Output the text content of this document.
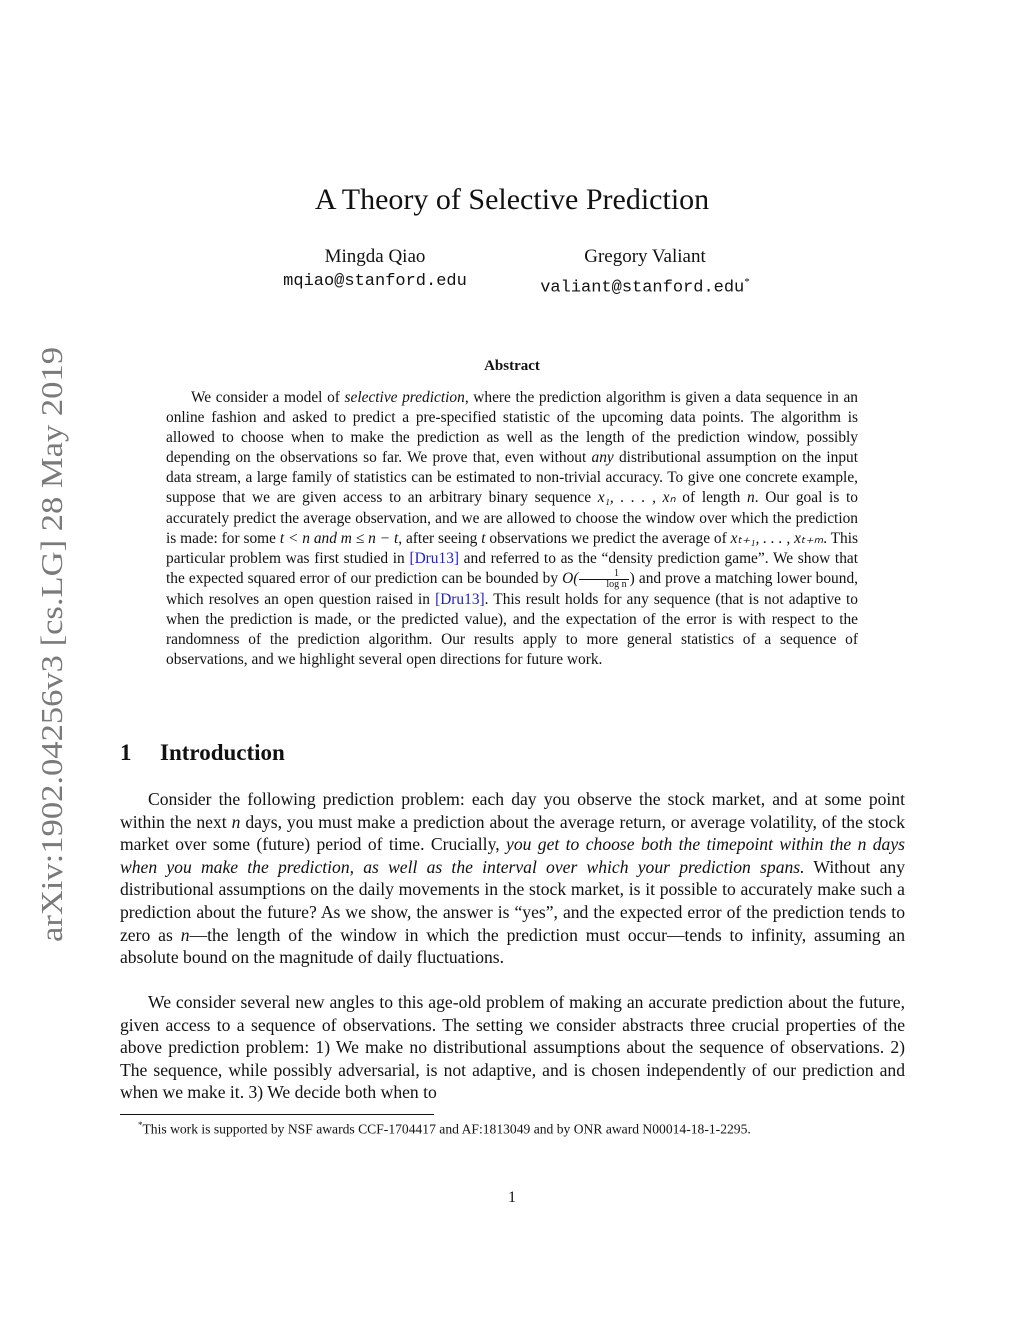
arXiv:1902.04256v3 [cs.LG] 28 May 2019
A Theory of Selective Prediction
Mingda Qiao
mqiao@stanford.edu
Gregory Valiant
valiant@stanford.edu*
Abstract

We consider a model of selective prediction, where the prediction algorithm is given a data sequence in an online fashion and asked to predict a pre-specified statistic of the upcoming data points. The algorithm is allowed to choose when to make the prediction as well as the length of the prediction window, possibly depending on the observations so far. We prove that, even without any distributional assumption on the input data stream, a large family of statistics can be estimated to non-trivial accuracy. To give one concrete example, suppose that we are given access to an arbitrary binary sequence x₁, . . . , xₙ of length n. Our goal is to accurately predict the average observation, and we are allowed to choose the window over which the prediction is made: for some t < n and m ≤ n − t, after seeing t observations we predict the average of xₜ₊₁, . . . , xₜ₊ₘ. This particular problem was first studied in [Dru13] and referred to as the “density prediction game”. We show that the expected squared error of our prediction can be bounded by $O( \frac{1}{\text{log n}}$ ) and prove a matching lower bound, which resolves an open question raised in [Dru13]. This result holds for any sequence (that is not adaptive to when the prediction is made, or the predicted value), and the expectation of the error is with respect to the randomness of the prediction algorithm. Our results apply to more general statistics of a sequence of observations, and we highlight several open directions for future work.

1 Introduction

Consider the following prediction problem: each day you observe the stock market, and at some point within the next n days, you must make a prediction about the average return, or average volatility, of the stock market over some (future) period of time. Crucially, you get to choose both the timepoint within the n days when you make the prediction, as well as the interval over which your prediction spans. Without any distributional assumptions on the daily movements in the stock market, is it possible to accurately make such a prediction about the future? As we show, the answer is “yes”, and the expected error of the prediction tends to zero as n—the length of the window in which the prediction must occur—tends to infinity, assuming an absolute bound on the magnitude of daily fluctuations.

We consider several new angles to this age-old problem of making an accurate prediction about the future, given access to a sequence of observations. The setting we consider abstracts three crucial properties of the above prediction problem: 1) We make no distributional assumptions about the sequence of observations. 2) The sequence, while possibly adversarial, is not adaptive, and is chosen independently of our prediction and when we make it. 3) We decide both when to

*This work is supported by NSF awards CCF-1704417 and AF:1813049 and by ONR award N00014-18-1-2295.
1
